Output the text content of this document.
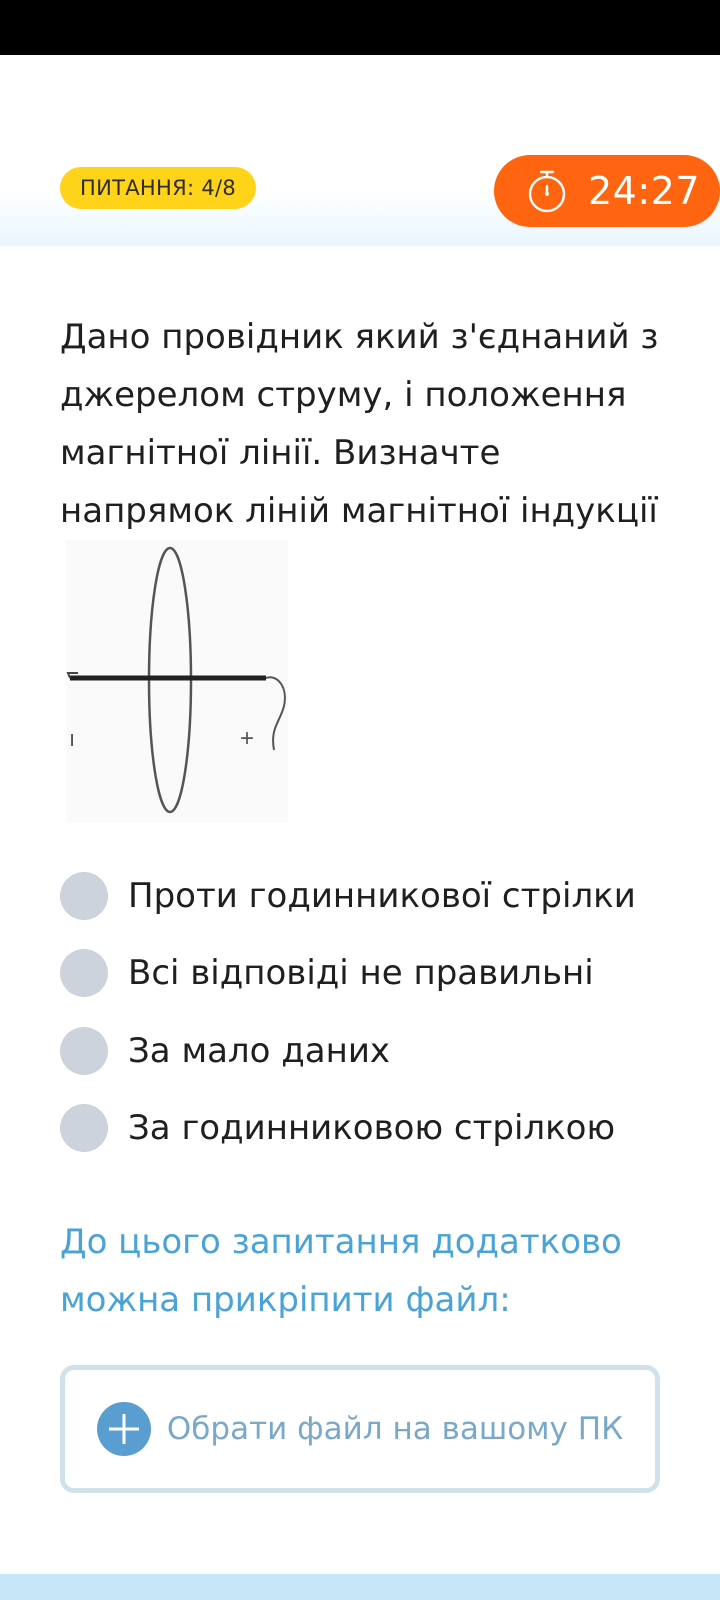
ПИТАННЯ: 4/8	24:27
Дано провідник який з'єднаний з джерелом струму, і положення магнітної лінії. Визначте напрямок ліній магнітної індукції
ı	+
Проти годинникової стрілки
Всі відповіді не правильні
За мало даних
За годинниковою стрілкою
До цього запитання додатково можна прикріпити файл:
Обрати файл на вашому ПК
